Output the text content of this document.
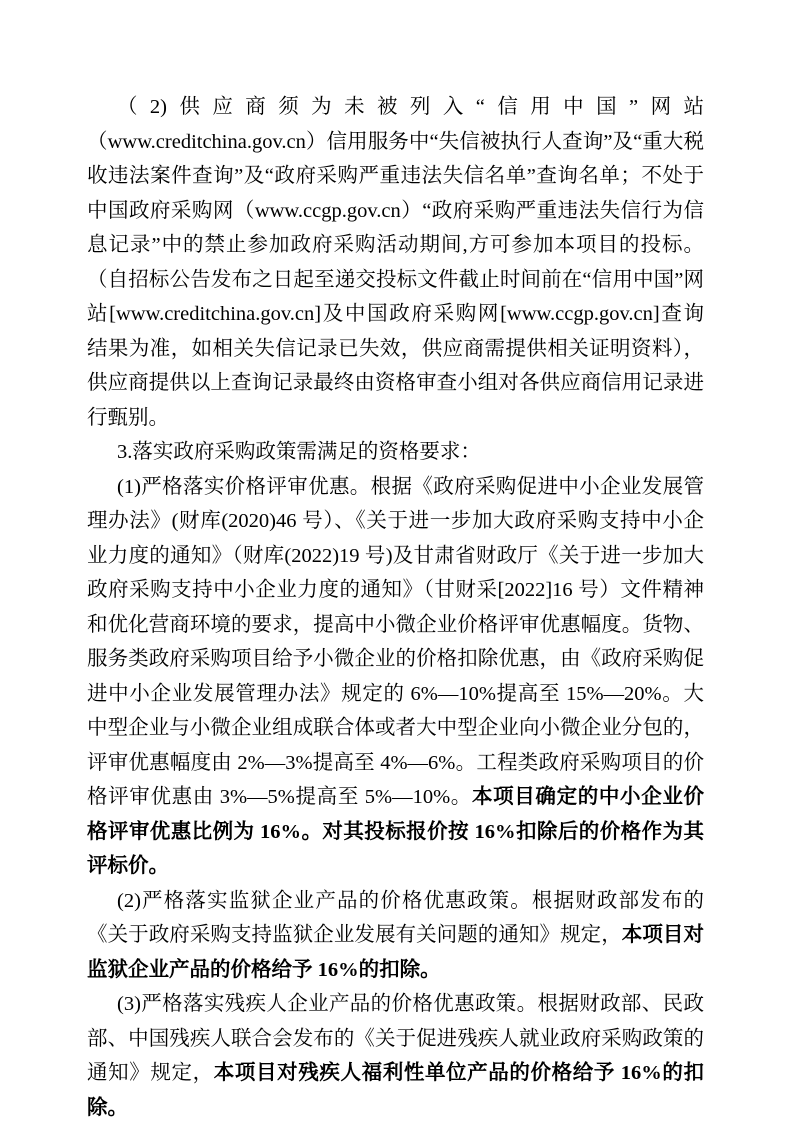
（2)供应商须为未被列入“信用中国”网站（www.creditchina.gov.cn）信用服务中“失信被执行人查询”及“重大税收违法案件查询”及“政府采购严重违法失信名单”查询名单；不处于中国政府采购网（www.ccgp.gov.cn）“政府采购严重违法失信行为信息记录”中的禁止参加政府采购活动期间,方可参加本项目的投标。（自招标公告发布之日起至递交投标文件截止时间前在“信用中国”网站[www.creditchina.gov.cn]及中国政府采购网[www.ccgp.gov.cn]查询结果为准，如相关失信记录已失效，供应商需提供相关证明资料），供应商提供以上查询记录最终由资格审查小组对各供应商信用记录进行甄别。

3.落实政府采购政策需满足的资格要求：

(1)严格落实价格评审优惠。根据《政府采购促进中小企业发展管理办法》(财库(2020)46 号）、《关于进一步加大政府采购支持中小企业力度的通知》（财库(2022)19 号)及甘肃省财政厅《关于进一步加大政府采购支持中小企业力度的通知》（甘财采[2022]16 号）文件精神和优化营商环境的要求，提高中小微企业价格评审优惠幅度。货物、服务类政府采购项目给予小微企业的价格扣除优惠，由《政府采购促进中小企业发展管理办法》规定的 6%—10%提高至 15%—20%。大中型企业与小微企业组成联合体或者大中型企业向小微企业分包的，评审优惠幅度由 2%—3%提高至 4%—6%。工程类政府采购项目的价格评审优惠由 3%—5%提高至 5%—10%。本项目确定的中小企业价格评审优惠比例为 16%。对其投标报价按 16%扣除后的价格作为其评标价。

(2)严格落实监狱企业产品的价格优惠政策。根据财政部发布的《关于政府采购支持监狱企业发展有关问题的通知》规定，本项目对监狱企业产品的价格给予 16%的扣除。

(3)严格落实残疾人企业产品的价格优惠政策。根据财政部、民政部、中国残疾人联合会发布的《关于促进残疾人就业政府采购政策的通知》规定，本项目对残疾人福利性单位产品的价格给予 16%的扣除。
